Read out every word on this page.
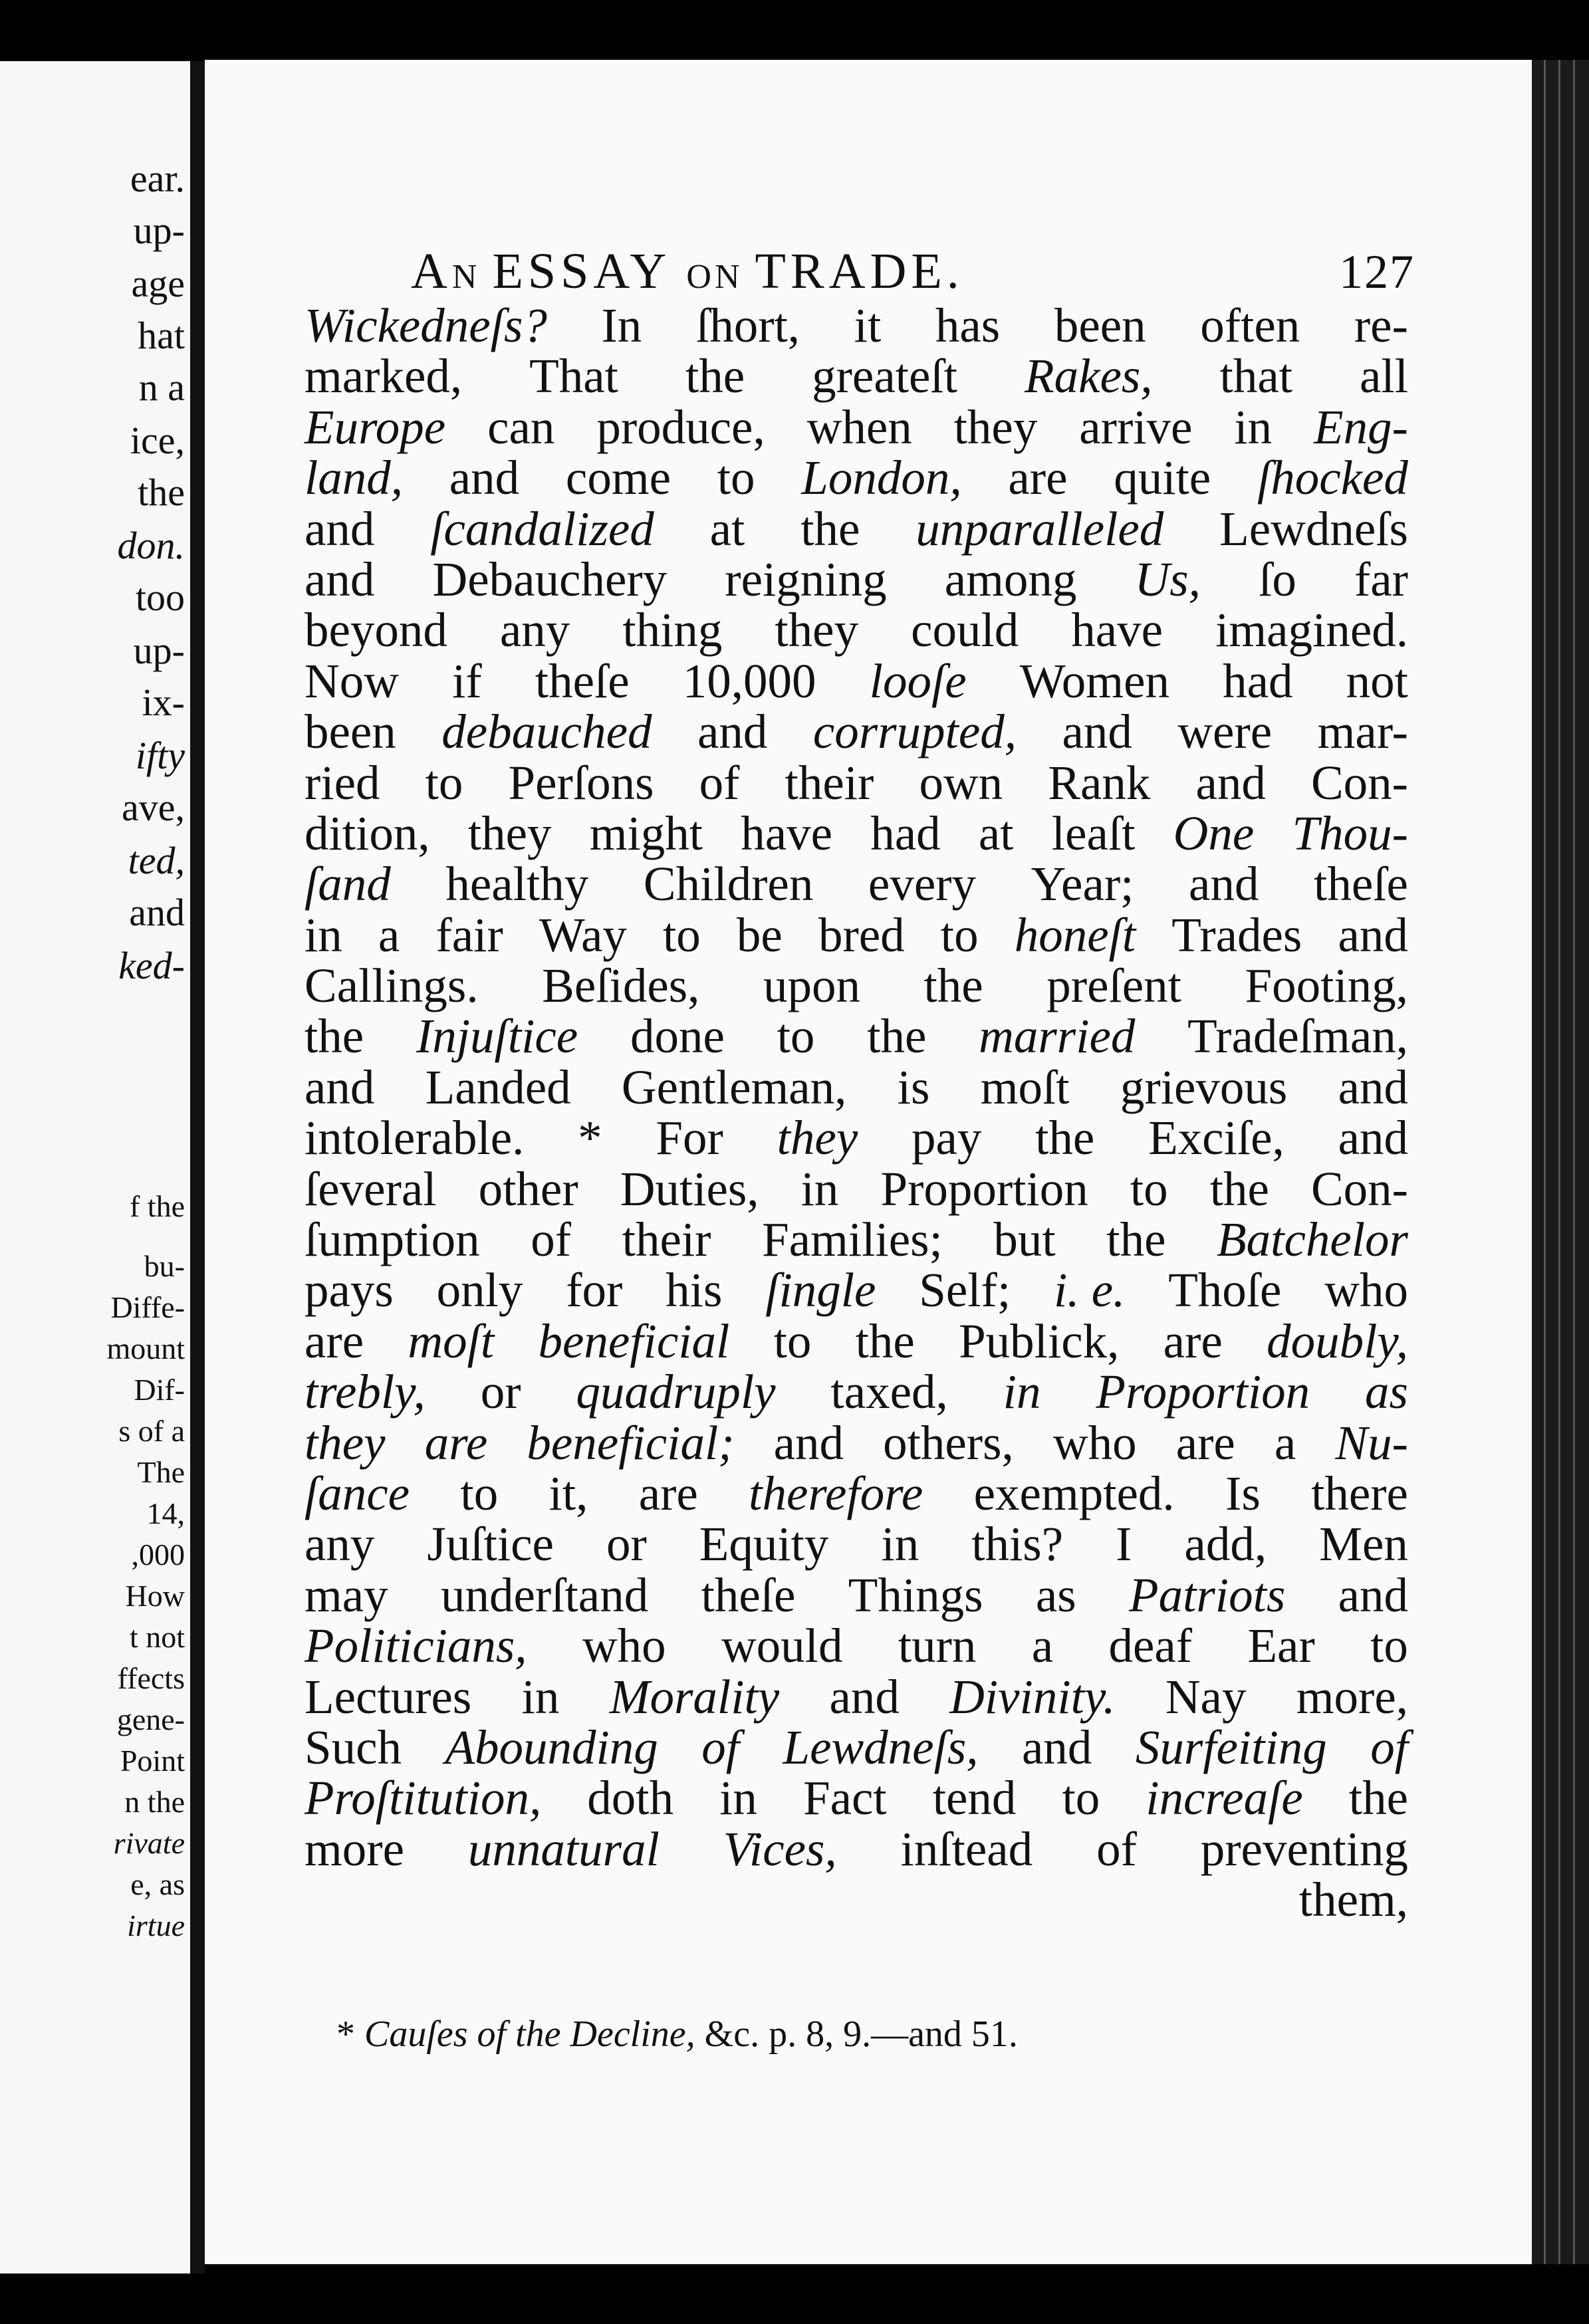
ear.
up-
age
hat
n a
ice,
the
don.
too
up-
ix-
ifty
ave,
ted,
and
ked-
f the
bu-
Diffe-
mount
Dif-
s of a
The
14,
,000
How
t not
ffects
gene-
Point
n the
rivate
e, as
irtue
AN ESSAY ON TRADE.	127
Wickedneſs? In ſhort, it has been often re-
marked, That the greateſt Rakes, that all
Europe can produce, when they arrive in Eng-
land, and come to London, are quite ſhocked
and ſcandalized at the unparalleled Lewdneſs
and Debauchery reigning among Us, ſo far
beyond any thing they could have imagined.
Now if theſe 10,000 looſe Women had not
been debauched and corrupted, and were mar-
ried to Perſons of their own Rank and Con-
dition, they might have had at leaſt One Thou-
ſand healthy Children every Year; and theſe
in a fair Way to be bred to honeſt Trades and
Callings. Beſides, upon the preſent Footing,
the Injuſtice done to the married Tradeſman,
and Landed Gentleman, is moſt grievous and
intolerable. * For they pay the Exciſe, and
ſeveral other Duties, in Proportion to the Con-
ſumption of their Families; but the Batchelor
pays only for his ſingle Self; i. e. Thoſe who
are moſt beneficial to the Publick, are doubly,
trebly, or quadruply taxed, in Proportion as
they are beneficial; and others, who are a Nu-
ſance to it, are therefore exempted. Is there
any Juſtice or Equity in this? I add, Men
may underſtand theſe Things as Patriots and
Politicians, who would turn a deaf Ear to
Lectures in Morality and Divinity. Nay more,
Such Abounding of Lewdneſs, and Surfeiting of
Proſtitution, doth in Fact tend to increaſe the
more unnatural Vices, inſtead of preventing
them,
* Cauſes of the Decline, &c. p. 8, 9.—and 51.
